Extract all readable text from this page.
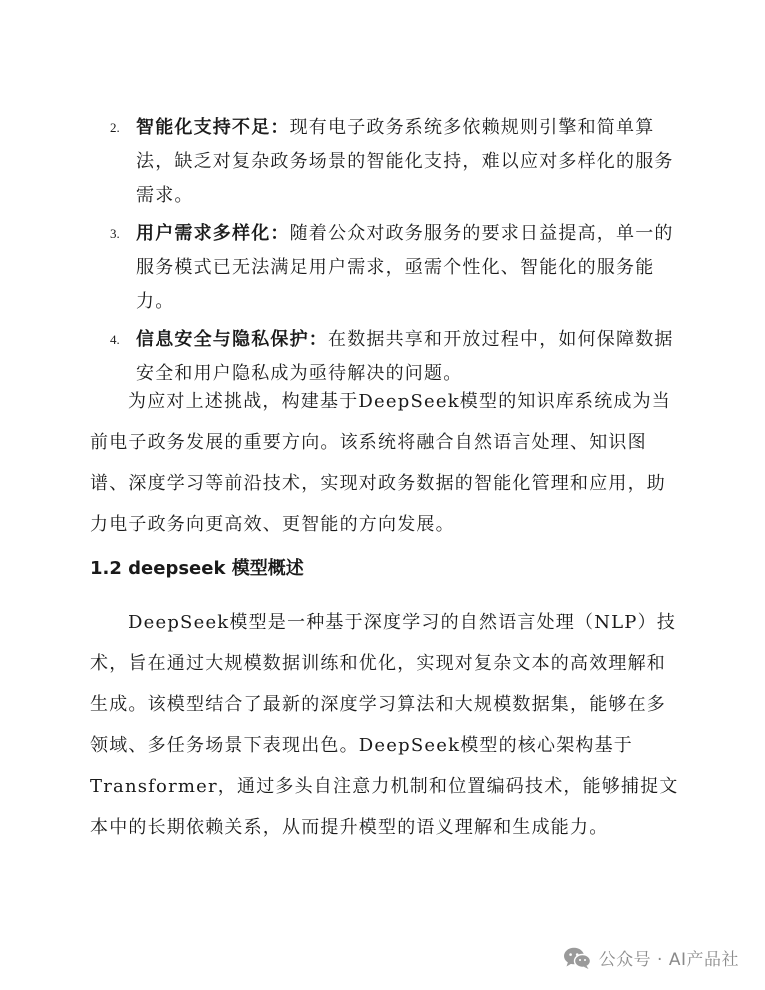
2. 智能化支持不足：现有电子政务系统多依赖规则引擎和简单算法，缺乏对复杂政务场景的智能化支持，难以应对多样化的服务需求。
3. 用户需求多样化：随着公众对政务服务的要求日益提高，单一的服务模式已无法满足用户需求，亟需个性化、智能化的服务能力。
4. 信息安全与隐私保护：在数据共享和开放过程中，如何保障数据安全和用户隐私成为亟待解决的问题。

为应对上述挑战，构建基于DeepSeek模型的知识库系统成为当前电子政务发展的重要方向。该系统将融合自然语言处理、知识图谱、深度学习等前沿技术，实现对政务数据的智能化管理和应用，助力电子政务向更高效、更智能的方向发展。

1.2 deepseek 模型概述

DeepSeek模型是一种基于深度学习的自然语言处理（NLP）技术，旨在通过大规模数据训练和优化，实现对复杂文本的高效理解和生成。该模型结合了最新的深度学习算法和大规模数据集，能够在多领域、多任务场景下表现出色。DeepSeek模型的核心架构基于Transformer，通过多头自注意力机制和位置编码技术，能够捕捉文本中的长期依赖关系，从而提升模型的语义理解和生成能力。

公众号 · AI产品社
